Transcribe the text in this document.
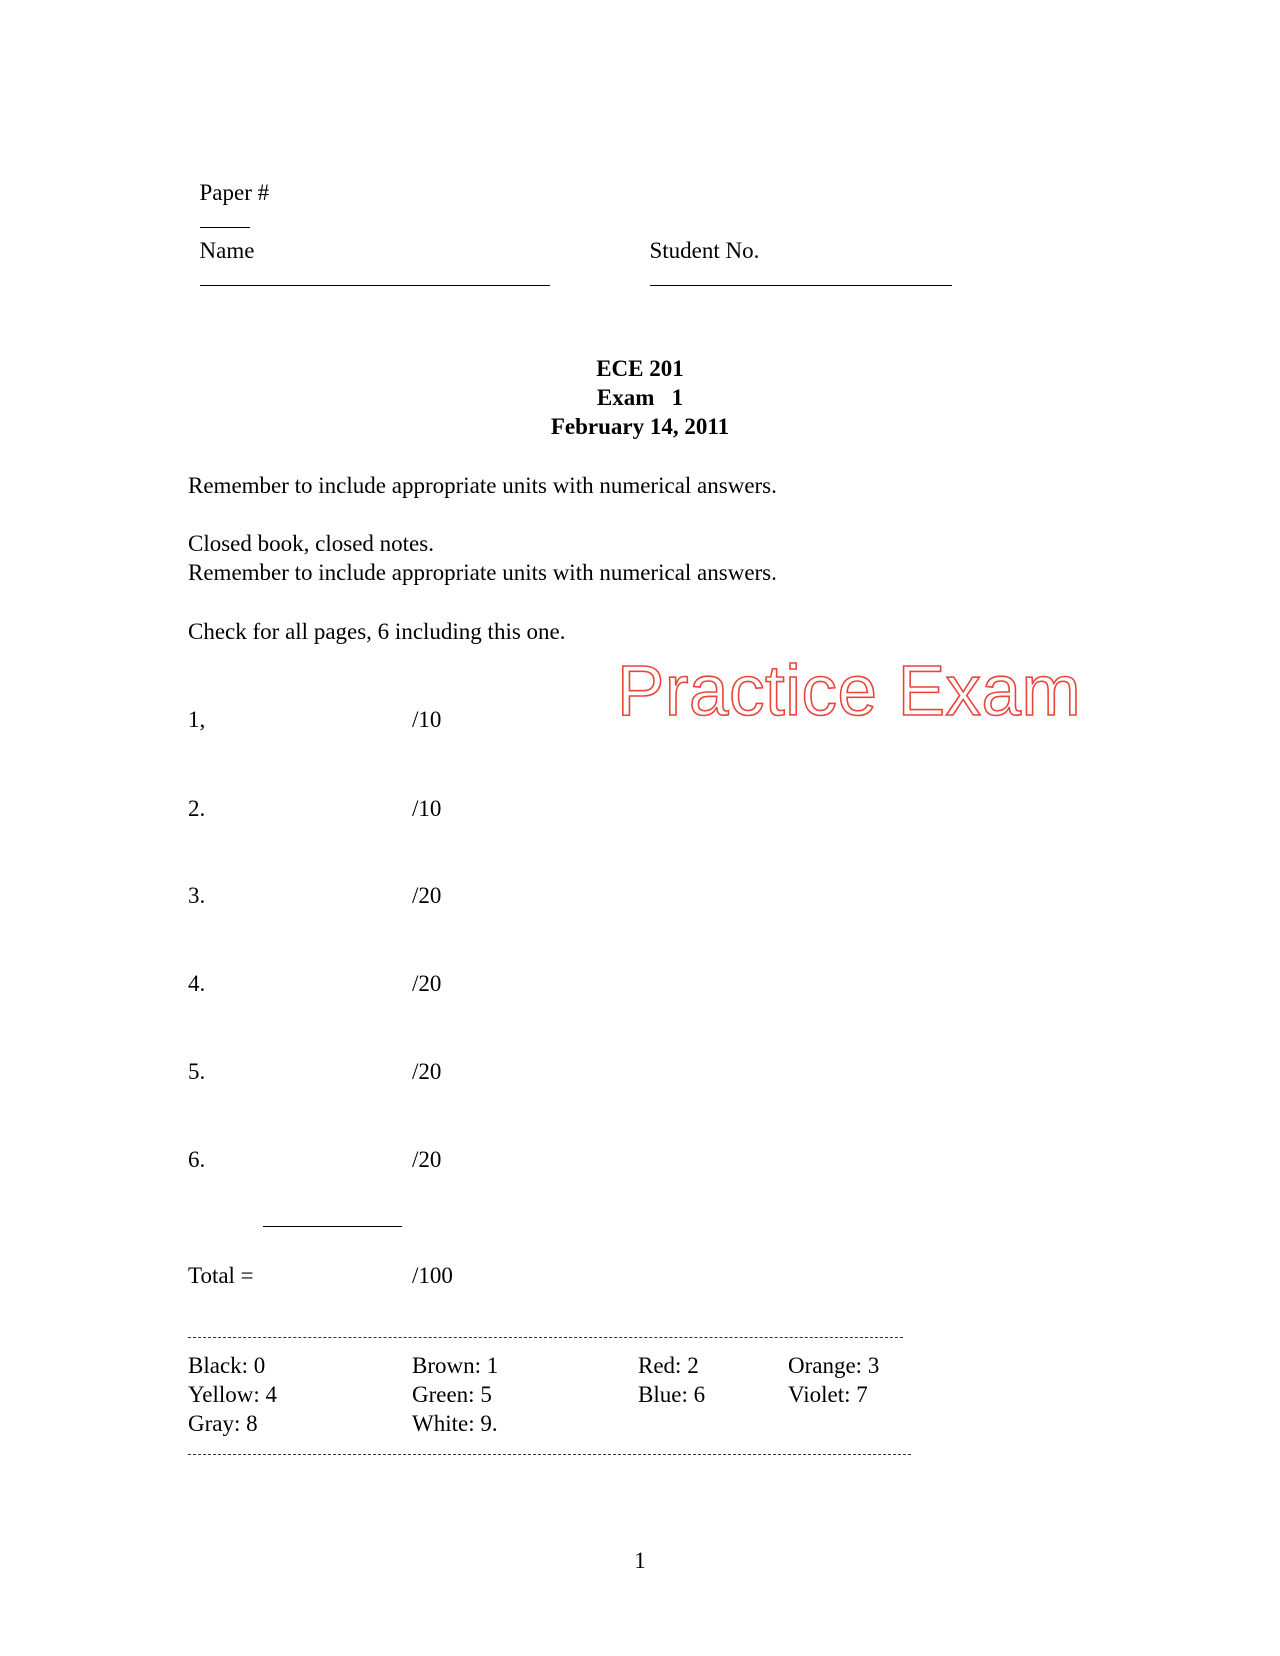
Paper #

Name
	Student No.

ECE 201
Exam   1
February 14, 2011
Remember to include appropriate units with numerical answers.
Closed book, closed notes.
Remember to include appropriate units with numerical answers.
Check for all pages, 6 including this one.
Practice Exam
1,	/10
2.	/10
3.	/20
4.	/20
5.	/20
6.	/20
Total =	/100
Black: 0	Brown: 1	Red: 2	Orange: 3
Yellow: 4	Green: 5	Blue: 6	Violet: 7
Gray: 8	White: 9.
1
